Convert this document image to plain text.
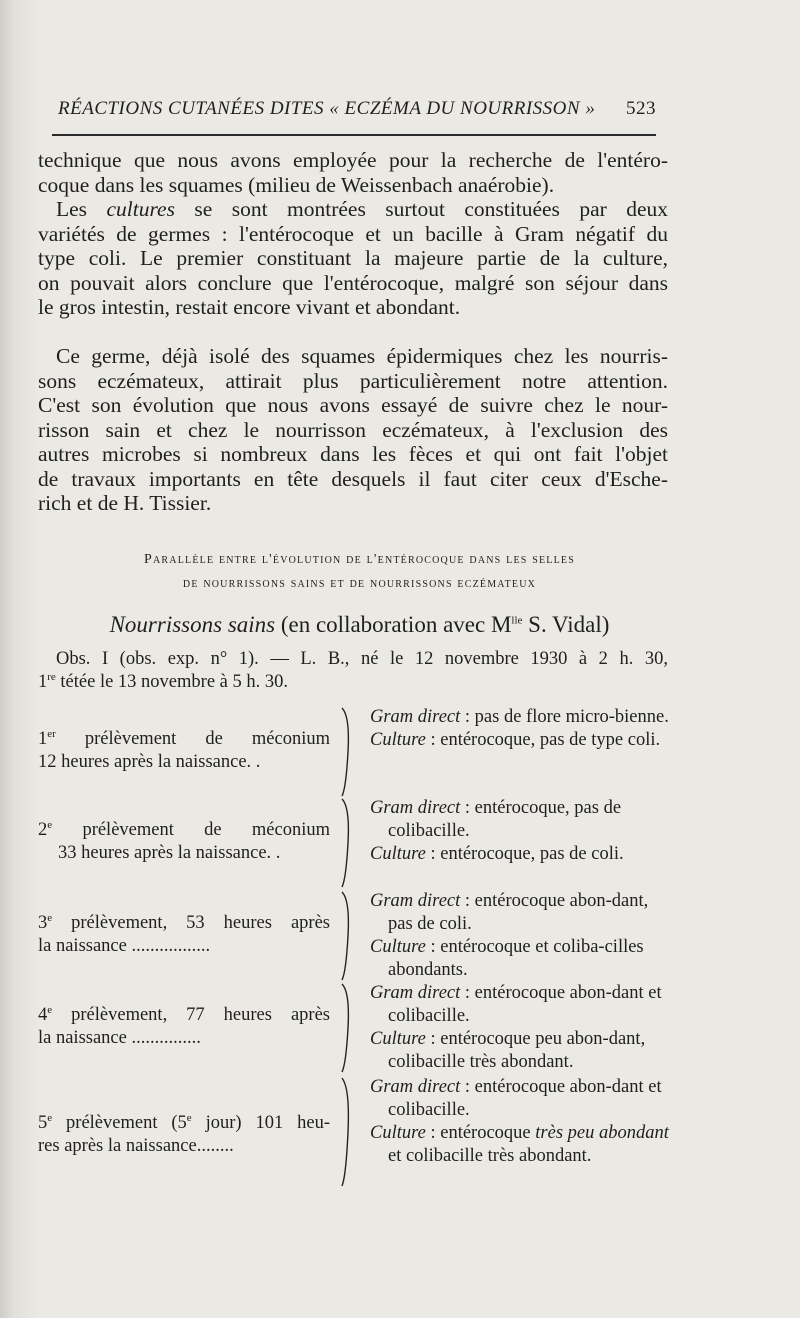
RÉACTIONS CUTANÉES DITES « ECZÉMA DU NOURRISSON » 523
technique que nous avons employée pour la recherche de l'entéro-
coque dans les squames (milieu de Weissenbach anaérobie).
Les cultures se sont montrées surtout constituées par deux
variétés de germes : l'entérocoque et un bacille à Gram négatif du
type coli. Le premier constituant la majeure partie de la culture,
on pouvait alors conclure que l'entérocoque, malgré son séjour dans
le gros intestin, restait encore vivant et abondant.
Ce germe, déjà isolé des squames épidermiques chez les nourris-
sons eczémateux, attirait plus particulièrement notre attention.
C'est son évolution que nous avons essayé de suivre chez le nour-
risson sain et chez le nourrisson eczémateux, à l'exclusion des
autres microbes si nombreux dans les fèces et qui ont fait l'objet
de travaux importants en tête desquels il faut citer ceux d'Esche-
rich et de H. Tissier.
Parallèle entre l'évolution de l'entérocoque dans les selles
de nourrissons sains et de nourrissons eczémateux
Nourrissons sains (en collaboration avec $M^{lle}$ S. Vidal)
Obs. I (obs. exp. n° 1). — L. B., né le 12 novembre 1930 à 2 h. 30,
1re tétée le 13 novembre à 5 h. 30.
1er prélèvement de méconium
12 heures après la naissance. .
Gram direct : pas de flore micro-bienne.
Culture : entérocoque, pas de type coli.
2e prélèvement de méconium
33 heures après la naissance. .
Gram direct : entérocoque, pas de colibacille.
Culture : entérocoque, pas de coli.
3e prélèvement, 53 heures après
la naissance .................
Gram direct : entérocoque abon-dant, pas de coli.
Culture : entérocoque et coliba-cilles abondants.
4e prélèvement, 77 heures après
la naissance ...............
Gram direct : entérocoque abon-dant et colibacille.
Culture : entérocoque peu abon-dant, colibacille très abondant.
5e prélèvement (5e jour) 101 heu-
res après la naissance........
Gram direct : entérocoque abon-dant et colibacille.
Culture : entérocoque très peu abondant et colibacille très abondant.
